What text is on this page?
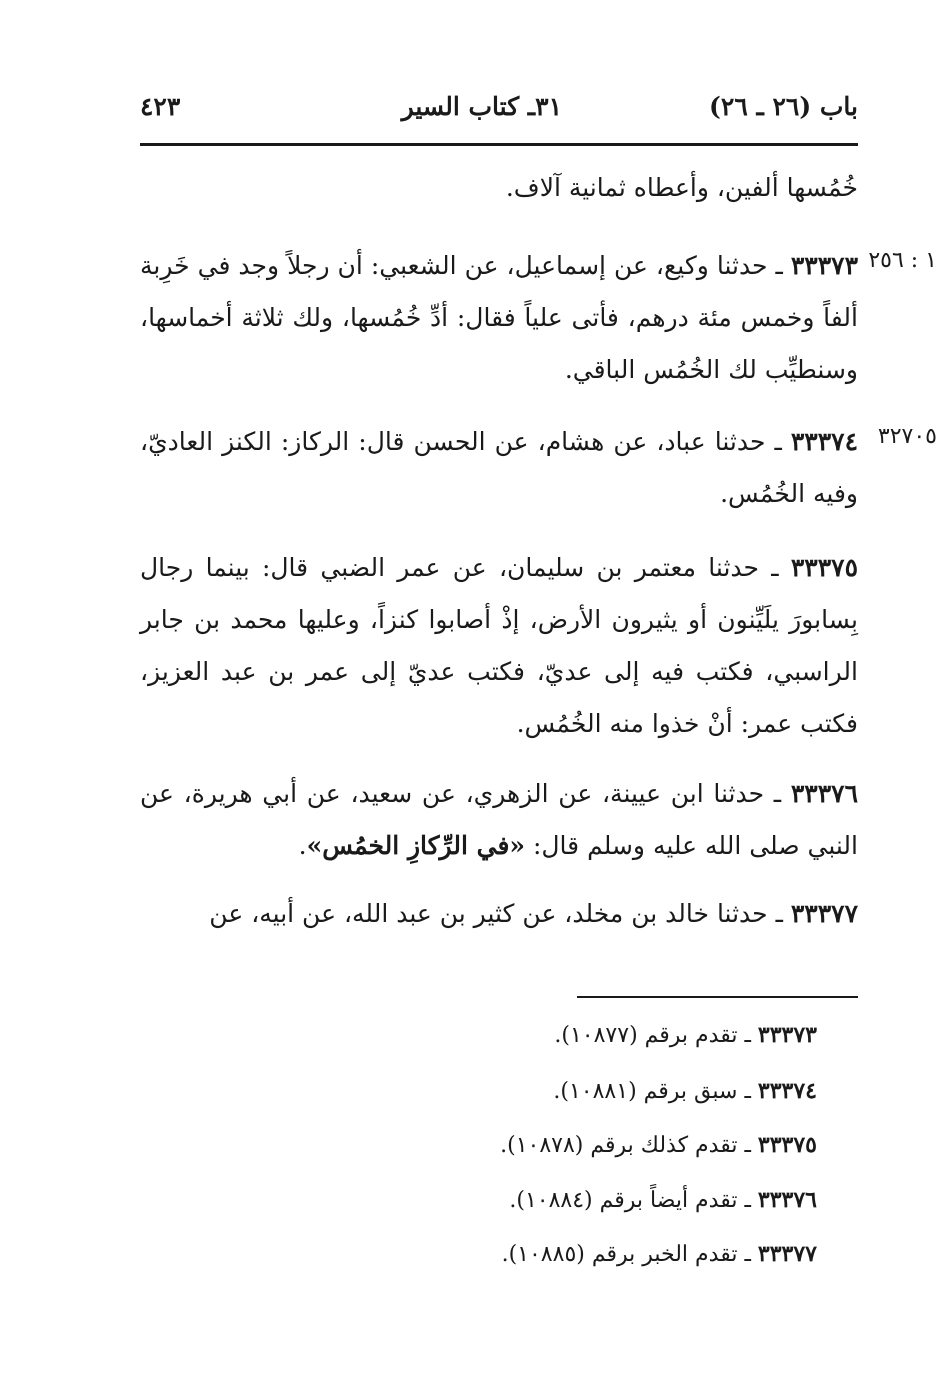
باب (٢٦ ـ ٢٦)
٣١ـ كتاب السير
٤٢٣
خُمُسها ألفين، وأعطاه ثمانية آلاف.
١ : ٢٥٦
٣٣٣٧٣ ـ حدثنا وكيع، عن إسماعيل، عن الشعبي: أن رجلاً وجد في خَرِبة ألفاً وخمس مئة درهم، فأتى علياً فقال: أدِّ خُمُسها، ولك ثلاثة أخماسها، وسنطيِّب لك الخُمُس الباقي.
٣٢٧٠٥
٣٣٣٧٤ ـ حدثنا عباد، عن هشام، عن الحسن قال: الركاز: الكنز العاديّ، وفيه الخُمُس.
٣٣٣٧٥ ـ حدثنا معتمر بن سليمان، عن عمر الضبي قال: بينما رجال بِسابورَ يلَيِّنون أو يثيرون الأرض، إذْ أصابوا كنزاً، وعليها محمد بن جابر الراسبي، فكتب فيه إلى عديّ، فكتب عديّ إلى عمر بن عبد العزيز، فكتب عمر: أنْ خذوا منه الخُمُس.
٣٣٣٧٦ ـ حدثنا ابن عيينة، عن الزهري، عن سعيد، عن أبي هريرة، عن النبي صلى الله عليه وسلم قال: «في الرِّكازِ الخمُس».
٣٣٣٧٧ ـ حدثنا خالد بن مخلد، عن كثير بن عبد الله، عن أبيه، عن
٣٣٣٧٣ ـ تقدم برقم (١٠٨٧٧).
٣٣٣٧٤ ـ سبق برقم (١٠٨٨١).
٣٣٣٧٥ ـ تقدم كذلك برقم (١٠٨٧٨).
٣٣٣٧٦ ـ تقدم أيضاً برقم (١٠٨٨٤).
٣٣٣٧٧ ـ تقدم الخبر برقم (١٠٨٨٥).
